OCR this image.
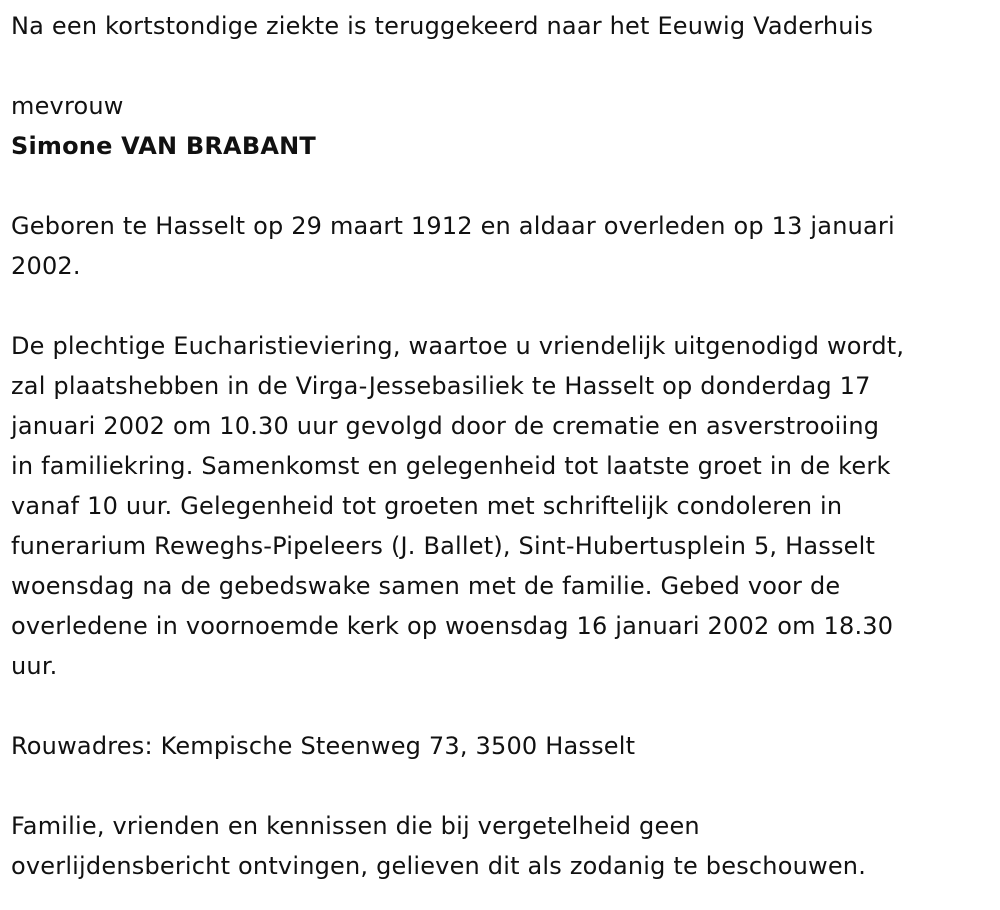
Na een kortstondige ziekte is teruggekeerd naar het Eeuwig Vaderhuis
mevrouw
Simone VAN BRABANT
Geboren te Hasselt op 29 maart 1912 en aldaar overleden op 13 januari
2002.
De plechtige Eucharistieviering, waartoe u vriendelijk uitgenodigd wordt,
zal plaatshebben in de Virga-Jessebasiliek te Hasselt op donderdag 17
januari 2002 om 10.30 uur gevolgd door de crematie en asverstrooiing
in familiekring. Samenkomst en gelegenheid tot laatste groet in de kerk
vanaf 10 uur. Gelegenheid tot groeten met schriftelijk condoleren in
funerarium Reweghs-Pipeleers (J. Ballet), Sint-Hubertusplein 5, Hasselt
woensdag na de gebedswake samen met de familie. Gebed voor de
overledene in voornoemde kerk op woensdag 16 januari 2002 om 18.30
uur.
Rouwadres: Kempische Steenweg 73, 3500 Hasselt
Familie, vrienden en kennissen die bij vergetelheid geen
overlijdensbericht ontvingen, gelieven dit als zodanig te beschouwen.
